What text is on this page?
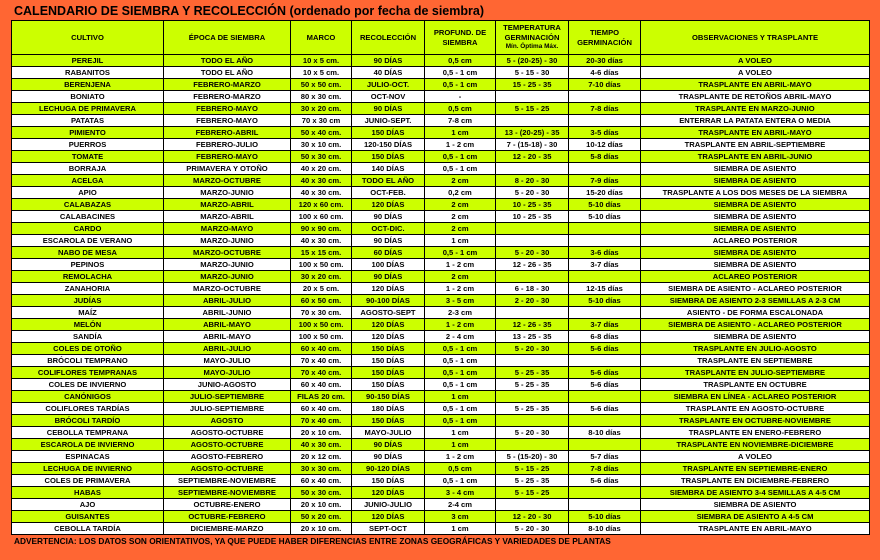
CALENDARIO DE SIEMBRA Y RECOLECCIÓN (ordenado por fecha de siembra)
CULTIVO	ÉPOCA DE SIEMBRA	MARCO	RECOLECCIÓN	PROFUND. DE SIEMBRA	TEMPERATURA GERMINACIÓN
Mín. Óptima Máx.	TIEMPO GERMINACIÓN	OBSERVACIONES Y TRASPLANTE
PEREJIL	TODO EL AÑO	10 x 5 cm.	90 DÍAS	0,5 cm	5 - (20-25) - 30	20-30 días	A VOLEO
RABANITOS	TODO EL AÑO	10 x 5 cm.	40 DÍAS	0,5 - 1 cm	5 - 15 - 30	4-6 días	A VOLEO
BERENJENA	FEBRERO-MARZO	50 x 50 cm.	JULIO-OCT.	0,5 - 1 cm	15 - 25 - 35	7-10 días	TRASPLANTE EN ABRIL-MAYO
BONIATO	FEBRERO-MARZO	80 x 30 cm.	OCT-NOV	-			TRASPLANTE DE RETOÑOS ABRIL-MAYO
LECHUGA DE PRIMAVERA	FEBRERO-MAYO	30 x 20 cm.	90 DÍAS	0,5 cm	5 - 15 - 25	7-8 días	TRASPLANTE EN MARZO-JUNIO
PATATAS	FEBRERO-MAYO	70 x 30 cm	JUNIO-SEPT.	7-8 cm			ENTERRAR LA PATATA ENTERA O MEDIA
PIMIENTO	FEBRERO-ABRIL	50 x 40 cm.	150 DÍAS	1 cm	13 - (20-25) - 35	3-5 días	TRASPLANTE EN ABRIL-MAYO
PUERROS	FEBRERO-JULIO	30 x 10 cm.	120-150 DÍAS	1 - 2 cm	7 - (15-18) - 30	10-12 días	TRASPLANTE EN ABRIL-SEPTIEMBRE
TOMATE	FEBRERO-MAYO	50 x 30 cm.	150 DÍAS	0,5 - 1 cm	12 - 20 - 35	5-8 días	TRASPLANTE EN ABRIL-JUNIO
BORRAJA	PRIMAVERA Y OTOÑO	40 x 20 cm.	140 DÍAS	0,5 - 1 cm			SIEMBRA DE ASIENTO
ACELGA	MARZO-OCTUBRE	40 x 30 cm.	TODO EL AÑO	2 cm	8 - 20 - 30	7-9 días	SIEMBRA DE ASIENTO
APIO	MARZO-JUNIO	40 x 30 cm.	OCT-FEB.	0,2 cm	5 - 20 - 30	15-20 días	TRASPLANTE A LOS DOS MESES DE LA SIEMBRA
CALABAZAS	MARZO-ABRIL	120 x 60 cm.	120 DÍAS	2 cm	10 - 25 - 35	5-10 días	SIEMBRA DE ASIENTO
CALABACINES	MARZO-ABRIL	100 x 60 cm.	90 DÍAS	2 cm	10 - 25 - 35	5-10 días	SIEMBRA DE ASIENTO
CARDO	MARZO-MAYO	90 x 90 cm.	OCT-DIC.	2 cm			SIEMBRA DE ASIENTO
ESCAROLA DE VERANO	MARZO-JUNIO	40 x 30 cm.	90 DÍAS	1 cm			ACLAREO POSTERIOR
NABO DE MESA	MARZO-OCTUBRE	15 x 15 cm.	60 DÍAS	0,5 - 1 cm	5 - 20 - 30	3-6 días	SIEMBRA DE ASIENTO
PEPINOS	MARZO-JUNIO	100 x 50 cm.	100 DÍAS	1 - 2 cm	12 - 26 - 35	3-7 días	SIEMBRA DE ASIENTO
REMOLACHA	MARZO-JUNIO	30 x 20 cm.	90 DÍAS	2 cm			ACLAREO POSTERIOR
ZANAHORIA	MARZO-OCTUBRE	20 x 5 cm.	120 DÍAS	1 - 2 cm	6 - 18 - 30	12-15 días	SIEMBRA DE ASIENTO - ACLAREO POSTERIOR
JUDÍAS	ABRIL-JULIO	60 x 50 cm.	90-100 DÍAS	3 - 5 cm	2 - 20 - 30	5-10 días	SIEMBRA DE ASIENTO 2-3 SEMILLAS A 2-3 CM
MAÍZ	ABRIL-JUNIO	70 x 30 cm.	AGOSTO-SEPT	2-3 cm			ASIENTO - DE FORMA ESCALONADA
MELÓN	ABRIL-MAYO	100 x 50 cm.	120 DÍAS	1 - 2 cm	12 - 26 - 35	3-7 días	SIEMBRA DE ASIENTO - ACLAREO POSTERIOR
SANDÍA	ABRIL-MAYO	100 x 50 cm.	120 DÍAS	2 - 4 cm	13 - 25 - 35	6-8 días	SIEMBRA DE ASIENTO
COLES DE OTOÑO	ABRIL-JULIO	60 x 40 cm.	150 DÍAS	0,5 - 1 cm	5 - 20 - 30	5-6 días	TRASPLANTE EN JULIO-AGOSTO
BRÓCOLI TEMPRANO	MAYO-JULIO	70 x 40 cm.	150 DÍAS	0,5 - 1 cm			TRASPLANTE EN SEPTIEMBRE
COLIFLORES TEMPRANAS	MAYO-JULIO	70 x 40 cm.	150 DÍAS	0,5 - 1 cm	5 - 25 - 35	5-6 días	TRASPLANTE EN JULIO-SEPTIEMBRE
COLES DE INVIERNO	JUNIO-AGOSTO	60 x 40 cm.	150 DÍAS	0,5 - 1 cm	5 - 25 - 35	5-6 días	TRASPLANTE EN OCTUBRE
CANÓNIGOS	JULIO-SEPTIEMBRE	FILAS 20 cm.	90-150 DÍAS	1 cm			SIEMBRA EN LÍNEA - ACLAREO POSTERIOR
COLIFLORES TARDÍAS	JULIO-SEPTIEMBRE	60 x 40 cm.	180 DÍAS	0,5 - 1 cm	5 - 25 - 35	5-6 días	TRASPLANTE EN AGOSTO-OCTUBRE
BRÓCOLI TARDÍO	AGOSTO	70 x 40 cm.	150 DÍAS	0,5 - 1 cm			TRASPLANTE EN OCTUBRE-NOVIEMBRE
CEBOLLA TEMPRANA	AGOSTO-OCTUBRE	20 x 10 cm.	MAYO-JULIO	1 cm	5 - 20 - 30	8-10 días	TRASPLANTE EN ENERO-FEBRERO
ESCAROLA DE INVIERNO	AGOSTO-OCTUBRE	40 x 30 cm.	90 DÍAS	1 cm			TRASPLANTE EN NOVIEMBRE-DICIEMBRE
ESPINACAS	AGOSTO-FEBRERO	20 x 12 cm.	90 DÍAS	1 - 2 cm	5 - (15-20) - 30	5-7 días	A VOLEO
LECHUGA DE INVIERNO	AGOSTO-OCTUBRE	30 x 30 cm.	90-120 DÍAS	0,5 cm	5 - 15 - 25	7-8 días	TRASPLANTE EN SEPTIEMBRE-ENERO
COLES DE PRIMAVERA	SEPTIEMBRE-NOVIEMBRE	60 x 40 cm.	150 DÍAS	0,5 - 1 cm	5 - 25 - 35	5-6 días	TRASPLANTE EN DICIEMBRE-FEBRERO
HABAS	SEPTIEMBRE-NOVIEMBRE	50 x 30 cm.	120 DÍAS	3 - 4 cm	5 - 15 - 25		SIEMBRA DE ASIENTO 3-4 SEMILLAS A 4-5 CM
AJO	OCTUBRE-ENERO	20 x 10 cm.	JUNIO-JULIO	2-4 cm			SIEMBRA DE ASIENTO
GUISANTES	OCTUBRE-FEBRERO	50 x 20 cm.	120 DÍAS	3 cm	12 - 20 - 30	5-10 días	SIEMBRA DE ASIENTO A 4-5 CM
CEBOLLA TARDÍA	DICIEMBRE-MARZO	20 x 10 cm.	SEPT-OCT	1 cm	5 - 20 - 30	8-10 días	TRASPLANTE EN ABRIL-MAYO
ADVERTENCIA: LOS DATOS SON ORIENTATIVOS, YA QUE PUEDE HABER DIFERENCIAS ENTRE ZONAS GEOGRÁFICAS Y VARIEDADES DE PLANTAS
